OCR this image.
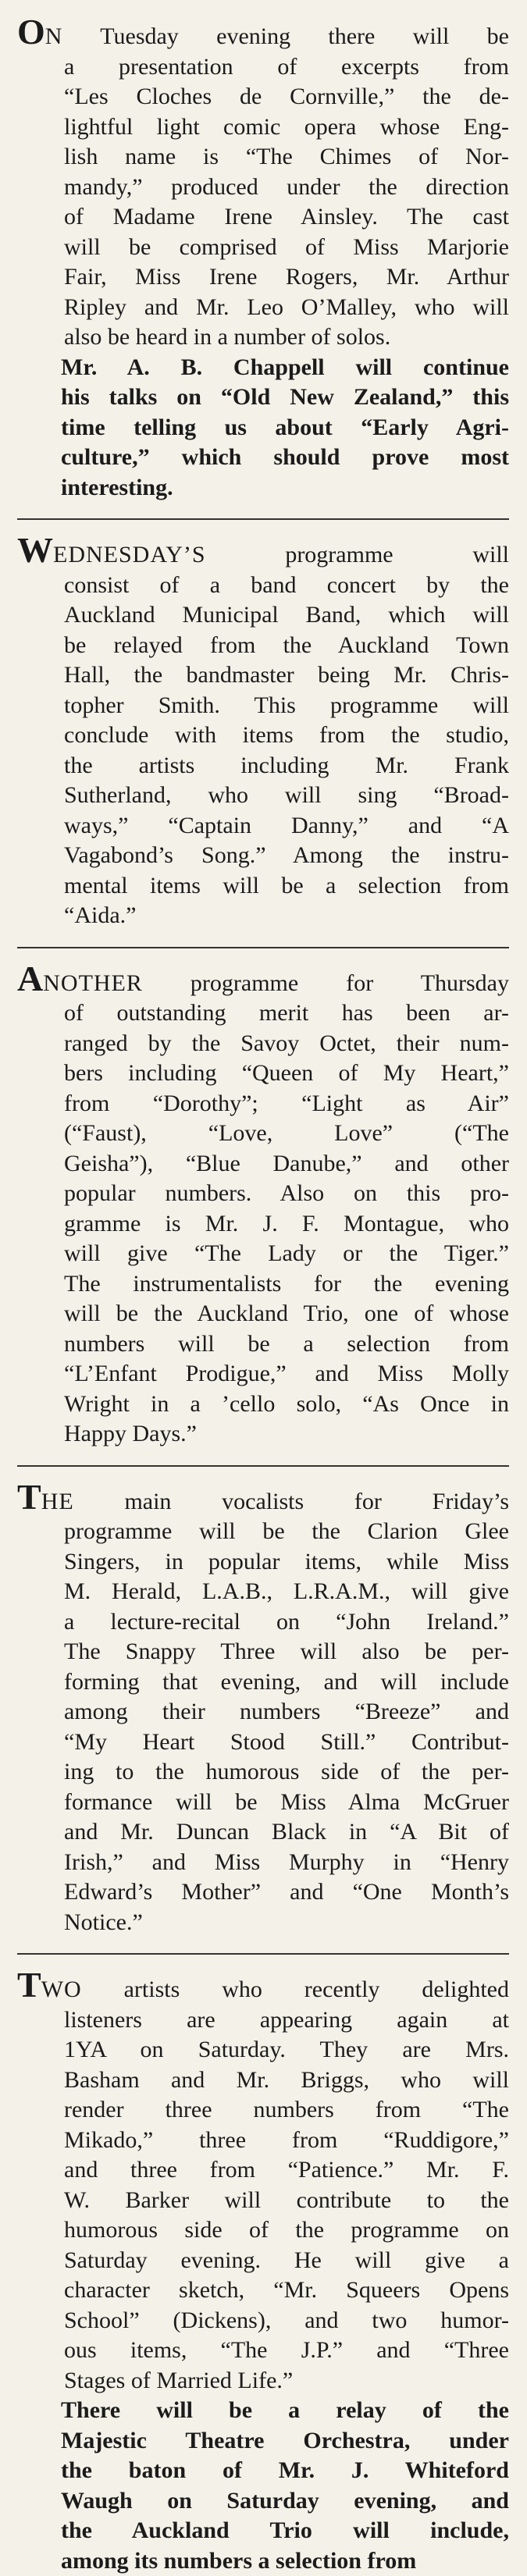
ON Tuesday evening there will be
a presentation of excerpts from
“Les Cloches de Cornville,” the de-
lightful light comic opera whose Eng-
lish name is “The Chimes of Nor-
mandy,” produced under the direction
of Madame Irene Ainsley. The cast
will be comprised of Miss Marjorie
Fair, Miss Irene Rogers, Mr. Arthur
Ripley and Mr. Leo O’Malley, who will
also be heard in a number of solos.
Mr. A. B. Chappell will continue
his talks on “Old New Zealand,” this
time telling us about “Early Agri-
culture,” which should prove most
interesting.
WEDNESDAY’S programme will
consist of a band concert by the
Auckland Municipal Band, which will
be relayed from the Auckland Town
Hall, the bandmaster being Mr. Chris-
topher Smith. This programme will
conclude with items from the studio,
the artists including Mr. Frank
Sutherland, who will sing “Broad-
ways,” “Captain Danny,” and “A
Vagabond’s Song.” Among the instru-
mental items will be a selection from
“Aida.”
ANOTHER programme for Thursday
of outstanding merit has been ar-
ranged by the Savoy Octet, their num-
bers including “Queen of My Heart,”
from “Dorothy”; “Light as Air”
(“Faust), “Love, Love” (“The
Geisha”), “Blue Danube,” and other
popular numbers. Also on this pro-
gramme is Mr. J. F. Montague, who
will give “The Lady or the Tiger.”
The instrumentalists for the evening
will be the Auckland Trio, one of whose
numbers will be a selection from
“L’Enfant Prodigue,” and Miss Molly
Wright in a ’cello solo, “As Once in
Happy Days.”
THE main vocalists for Friday’s
programme will be the Clarion Glee
Singers, in popular items, while Miss
M. Herald, L.A.B., L.R.A.M., will give
a lecture-recital on “John Ireland.”
The Snappy Three will also be per-
forming that evening, and will include
among their numbers “Breeze” and
“My Heart Stood Still.” Contribut-
ing to the humorous side of the per-
formance will be Miss Alma McGruer
and Mr. Duncan Black in “A Bit of
Irish,” and Miss Murphy in “Henry
Edward’s Mother” and “One Month’s
Notice.”
TWO artists who recently delighted
listeners are appearing again at
1YA on Saturday. They are Mrs.
Basham and Mr. Briggs, who will
render three numbers from “The
Mikado,” three from “Ruddigore,”
and three from “Patience.” Mr. F.
W. Barker will contribute to the
humorous side of the programme on
Saturday evening. He will give a
character sketch, “Mr. Squeers Opens
School” (Dickens), and two humor-
ous items, “The J.P.” and “Three
Stages of Married Life.”
There will be a relay of the
Majestic Theatre Orchestra, under
the baton of Mr. J. Whiteford
Waugh on Saturday evening, and
the Auckland Trio will include,
among its numbers a selection from
